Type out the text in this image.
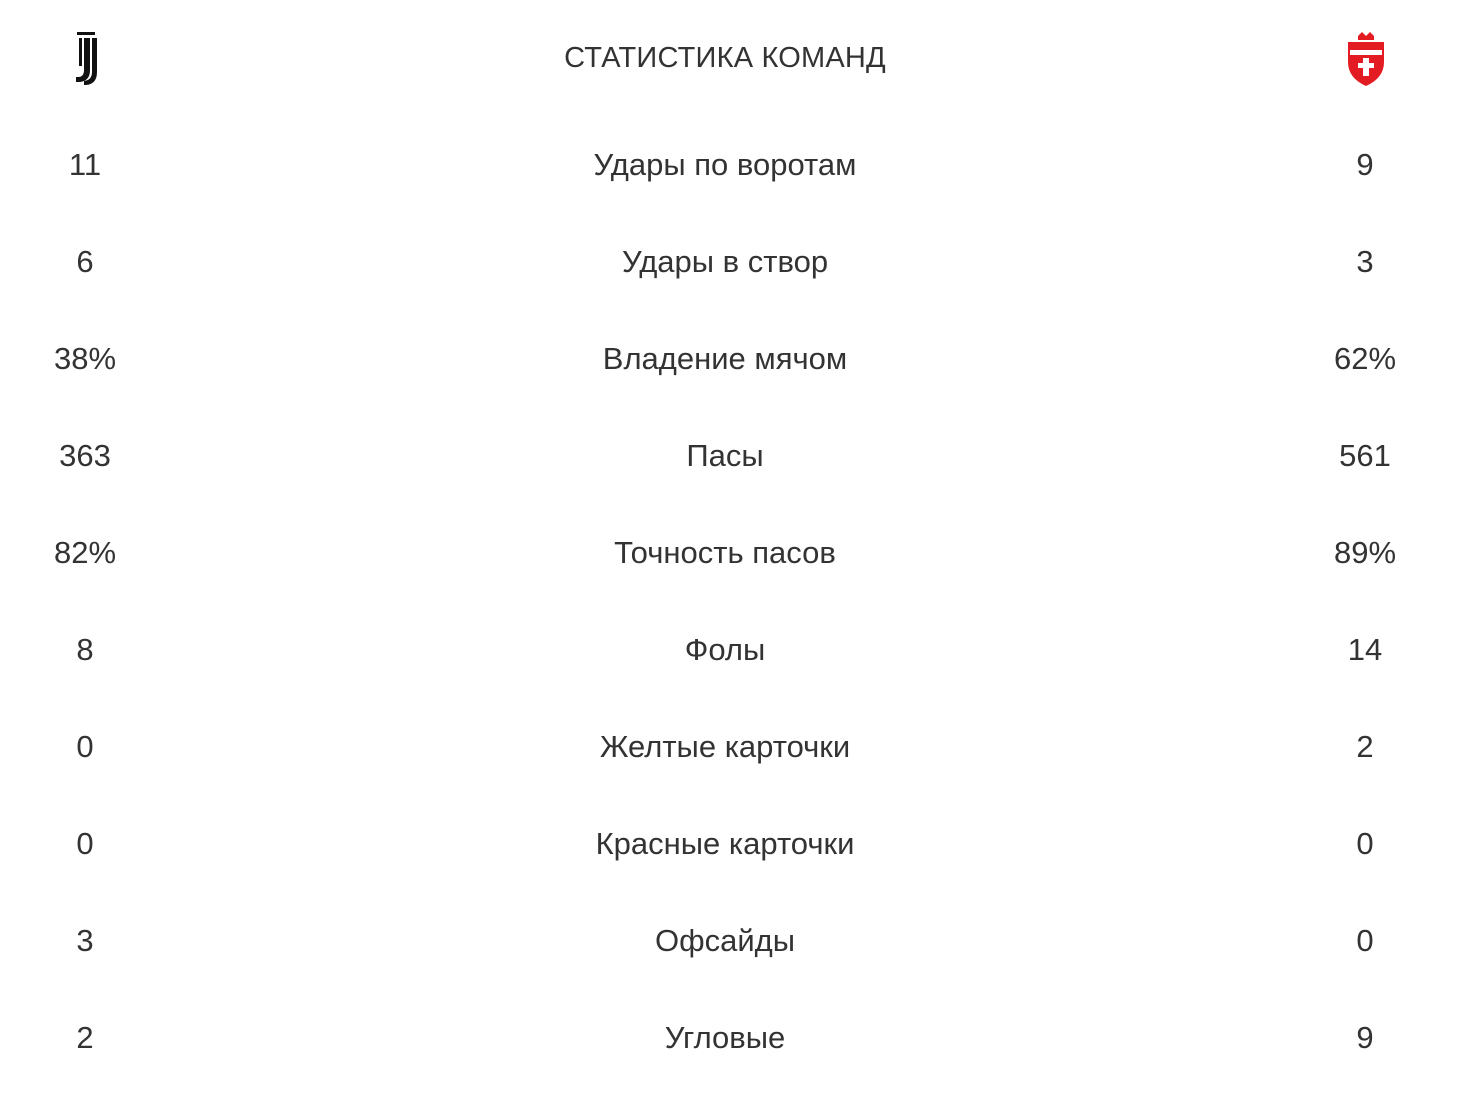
СТАТИСТИКА КОМАНД
11	Удары по воротам	9
6	Удары в створ	3
38%	Владение мячом	62%
363	Пасы	561
82%	Точность пасов	89%
8	Фолы	14
0	Желтые карточки	2
0	Красные карточки	0
3	Офсайды	0
2	Угловые	9
